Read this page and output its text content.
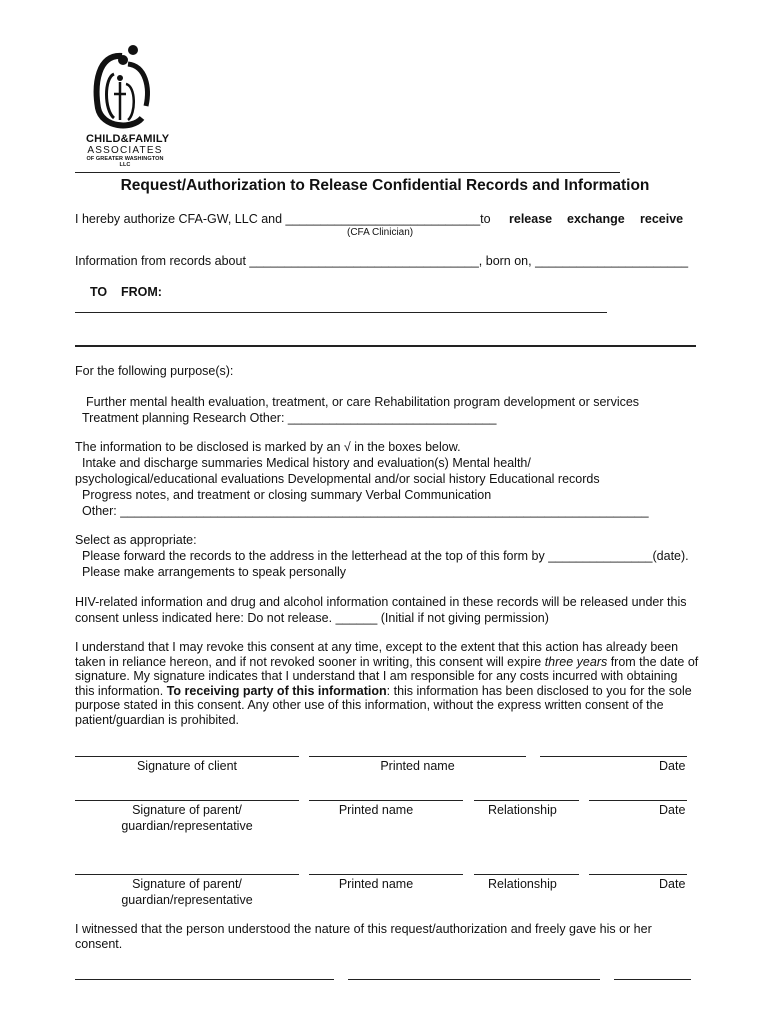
CHILD&FAMILY
ASSOCIATES
OF GREATER WASHINGTON LLC
Request/Authorization to Release Confidential Records and Information
I hereby authorize CFA-GW, LLC and ____________________________to release exchange receive
(CFA Clinician)
Information from records about _________________________________, born on, ______________________
TO FROM:
For the following purpose(s):
Further mental health evaluation, treatment, or care Rehabilitation program development or services
Treatment planning Research Other: ______________________________
The information to be disclosed is marked by an √ in the boxes below.
Intake and discharge summaries Medical history and evaluation(s) Mental health/
psychological/educational evaluations Developmental and/or social history Educational records
Progress notes, and treatment or closing summary Verbal Communication
Other: ____________________________________________________________________________
Select as appropriate:
Please forward the records to the address in the letterhead at the top of this form by _______________(date).
Please make arrangements to speak personally
HIV-related information and drug and alcohol information contained in these records will be released under this
consent unless indicated here: Do not release. ______ (Initial if not giving permission)
I understand that I may revoke this consent at any time, except to the extent that this action has already been taken in reliance hereon, and if not revoked sooner in writing, this consent will expire three years from the date of signature. My signature indicates that I understand that I am responsible for any costs incurred with obtaining this information. To receiving party of this information: this information has been disclosed to you for the sole purpose stated in this consent. Any other use of this information, without the express written consent of the patient/guardian is prohibited.
Signature of client	Printed name	Date
Signature of parent/
guardian/representative
Printed name	Relationship	Date
Signature of parent/
guardian/representative
Printed name	Relationship	Date
I witnessed that the person understood the nature of this request/authorization and freely gave his or her consent.
